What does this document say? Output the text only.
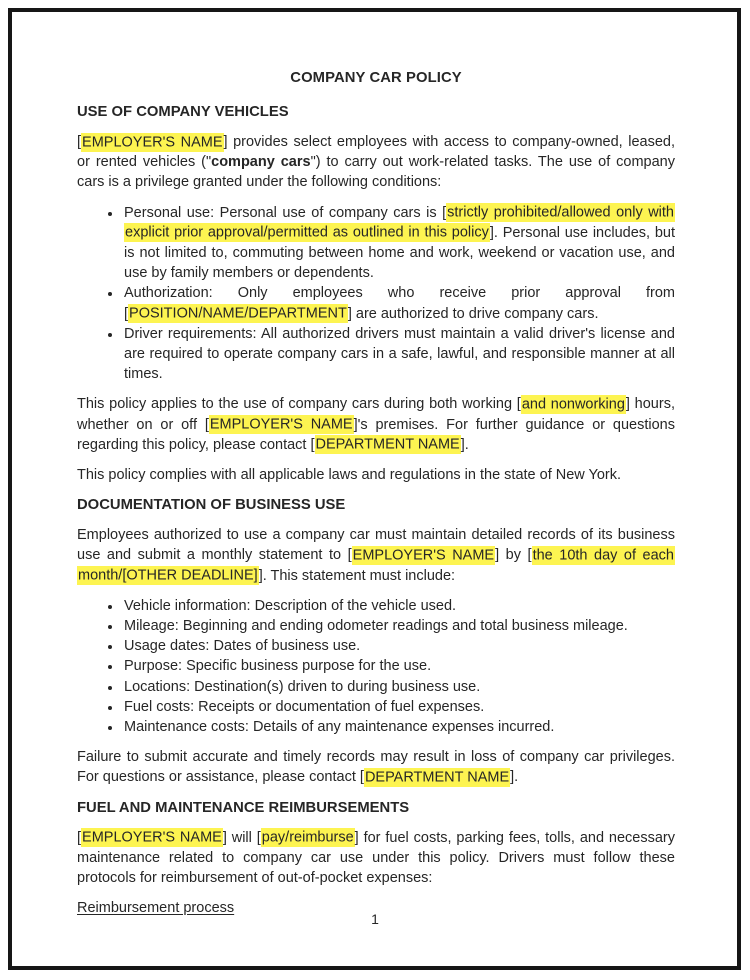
COMPANY CAR POLICY
USE OF COMPANY VEHICLES

[EMPLOYER'S NAME] provides select employees with access to company-owned, leased, or rented vehicles ("company cars") to carry out work-related tasks. The use of company cars is a privilege granted under the following conditions:

• Personal use: Personal use of company cars is [strictly prohibited/allowed only with explicit prior approval/permitted as outlined in this policy]. Personal use includes, but is not limited to, commuting between home and work, weekend or vacation use, and use by family members or dependents.
• Authorization: Only employees who receive prior approval from [POSITION/NAME/DEPARTMENT] are authorized to drive company cars.
• Driver requirements: All authorized drivers must maintain a valid driver's license and are required to operate company cars in a safe, lawful, and responsible manner at all times.

This policy applies to the use of company cars during both working [and nonworking] hours, whether on or off [EMPLOYER'S NAME]'s premises. For further guidance or questions regarding this policy, please contact [DEPARTMENT NAME].

This policy complies with all applicable laws and regulations in the state of New York.

DOCUMENTATION OF BUSINESS USE

Employees authorized to use a company car must maintain detailed records of its business use and submit a monthly statement to [EMPLOYER'S NAME] by [the 10th day of each month/[OTHER DEADLINE]]. This statement must include:

• Vehicle information: Description of the vehicle used.
• Mileage: Beginning and ending odometer readings and total business mileage.
• Usage dates: Dates of business use.
• Purpose: Specific business purpose for the use.
• Locations: Destination(s) driven to during business use.
• Fuel costs: Receipts or documentation of fuel expenses.
• Maintenance costs: Details of any maintenance expenses incurred.

Failure to submit accurate and timely records may result in loss of company car privileges. For questions or assistance, please contact [DEPARTMENT NAME].

FUEL AND MAINTENANCE REIMBURSEMENTS

[EMPLOYER'S NAME] will [pay/reimburse] for fuel costs, parking fees, tolls, and necessary maintenance related to company car use under this policy. Drivers must follow these protocols for reimbursement of out-of-pocket expenses:

Reimbursement process

1
